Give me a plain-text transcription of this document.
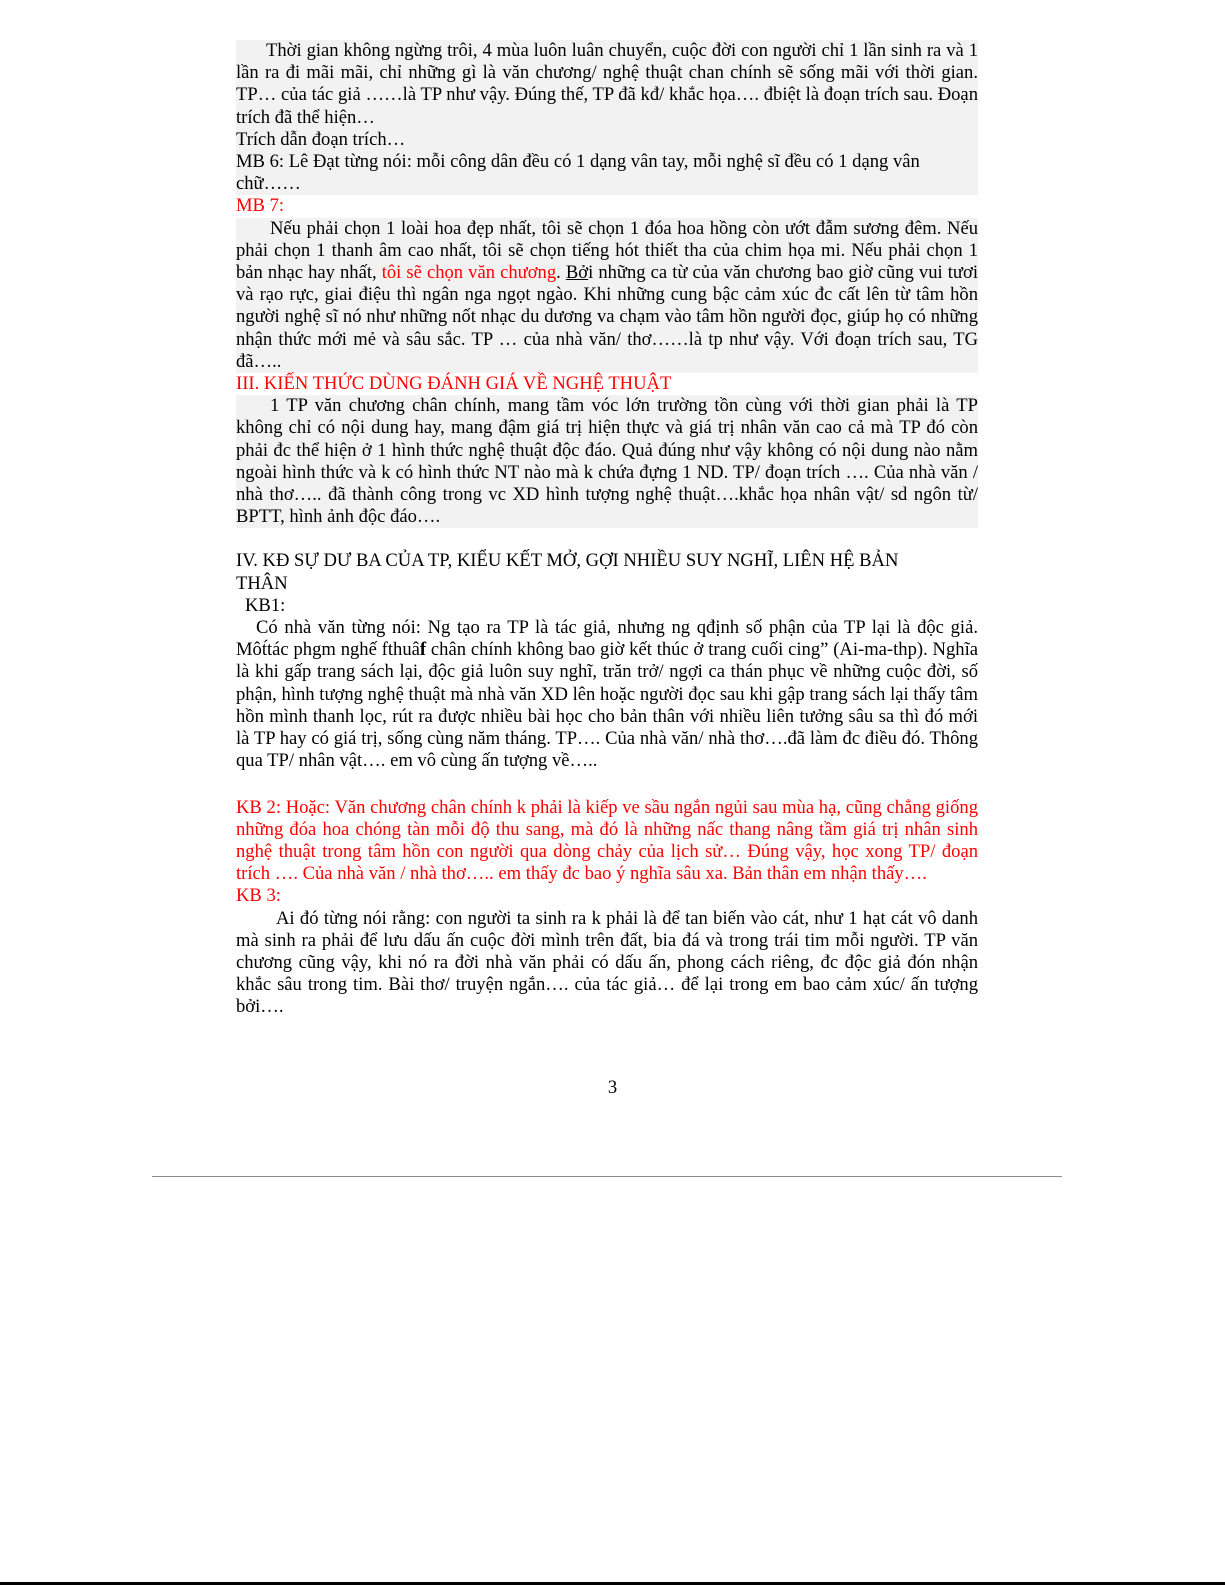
Thời gian không ngừng trôi, 4 mùa luôn luân chuyển, cuộc đời con người chỉ 1 lần sinh ra và 1 lần ra đi mãi mãi, chỉ những gì là văn chương/ nghệ thuật chan chính sẽ sống mãi với thời gian. TP… của tác giả ……là TP như vậy. Đúng thế, TP đã kđ/ khắc họa…. đbiệt là đoạn trích sau. Đoạn trích đã thể hiện…

Trích dẫn đoạn trích…

MB 6: Lê Đạt từng nói: mỗi công dân đều có 1 dạng vân tay, mỗi nghệ sĩ đều có 1 dạng vân chữ……

MB 7:

Nếu phải chọn 1 loài hoa đẹp nhất, tôi sẽ chọn 1 đóa hoa hồng còn ướt đẫm sương đêm. Nếu phải chọn 1 thanh âm cao nhất, tôi sẽ chọn tiếng hót thiết tha của chim họa mi. Nếu phải chọn 1 bản nhạc hay nhất, tôi sẽ chọn văn chương. Bởi những ca từ của văn chương bao giờ cũng vui tươi và rạo rực, giai điệu thì ngân nga ngọt ngào. Khi những cung bậc cảm xúc đc cất lên từ tâm hồn người nghệ sĩ nó như những nốt nhạc du dương va chạm vào tâm hồn người đọc, giúp họ có những nhận thức mới mẻ và sâu sắc. TP … của nhà văn/ thơ……là tp như vậy. Với đoạn trích sau, TG đã…..

III. KIẾN THỨC DÙNG ĐÁNH GIÁ VỀ NGHỆ THUẬT

1 TP văn chương chân chính, mang tầm vóc lớn trường tồn cùng với thời gian phải là TP không chỉ có nội dung hay, mang đậm giá trị hiện thực và giá trị nhân văn cao cả mà TP đó còn phải đc thể hiện ở 1 hình thức nghệ thuật độc đáo. Quả đúng như vậy không có nội dung nào nằm ngoài hình thức và k có hình thức NT nào mà k chứa đựng 1 ND. TP/ đoạn trích …. Của nhà văn / nhà thơ….. đã thành công trong vc XD hình tượng nghệ thuật….khắc họa nhân vật/ sd ngôn từ/ BPTT, hình ảnh độc đáo….

IV. KĐ SỰ DƯ BA CỦA TP, KIỂU KẾT MỞ, GỢI NHIỀU SUY NGHĨ, LIÊN HỆ BẢN THÂN

KB1:

Có nhà văn từng nói: Ng tạo ra TP là tác giả, nhưng ng qđịnh số phận của TP lại là độc giả. Môt́tác phgm nghế fthuâf chân chính không bao giờ kết thúc ở trang cuối cing” (Ai-ma-thp). Nghĩa là khi gấp trang sách lại, độc giả luôn suy nghĩ, trăn trở/ ngợi ca thán phục về những cuộc đời, số phận, hình tượng nghệ thuật mà nhà văn XD lên hoặc người đọc sau khi gập trang sách lại thấy tâm hồn mình thanh lọc, rút ra được nhiều bài học cho bản thân với nhiều liên tưởng sâu sa thì đó mới là TP hay có giá trị, sống cùng năm tháng. TP…. Của nhà văn/ nhà thơ….đã làm đc điều đó. Thông qua TP/ nhân vật…. em vô cùng ấn tượng về…..

KB 2: Hoặc: Văn chương chân chính k phải là kiếp ve sầu ngắn ngủi sau mùa hạ, cũng chẳng giống những đóa hoa chóng tàn mỗi độ thu sang, mà đó là những nấc thang nâng tầm giá trị nhân sinh nghệ thuật trong tâm hồn con người qua dòng chảy của lịch sử… Đúng vậy, học xong TP/ đoạn trích …. Của nhà văn / nhà thơ….. em thấy đc bao ý nghĩa sâu xa. Bản thân em nhận thấy….

KB 3:

Ai đó từng nói rằng: con người ta sinh ra k phải là để tan biến vào cát, như 1 hạt cát vô danh mà sinh ra phải để lưu dấu ấn cuộc đời mình trên đất, bia đá và trong trái tim mỗi người. TP văn chương cũng vậy, khi nó ra đời nhà văn phải có dấu ấn, phong cách riêng, đc độc giả đón nhận khắc sâu trong tim. Bài thơ/ truyện ngắn…. của tác giả… để lại trong em bao cảm xúc/ ấn tượng bởi….

3
